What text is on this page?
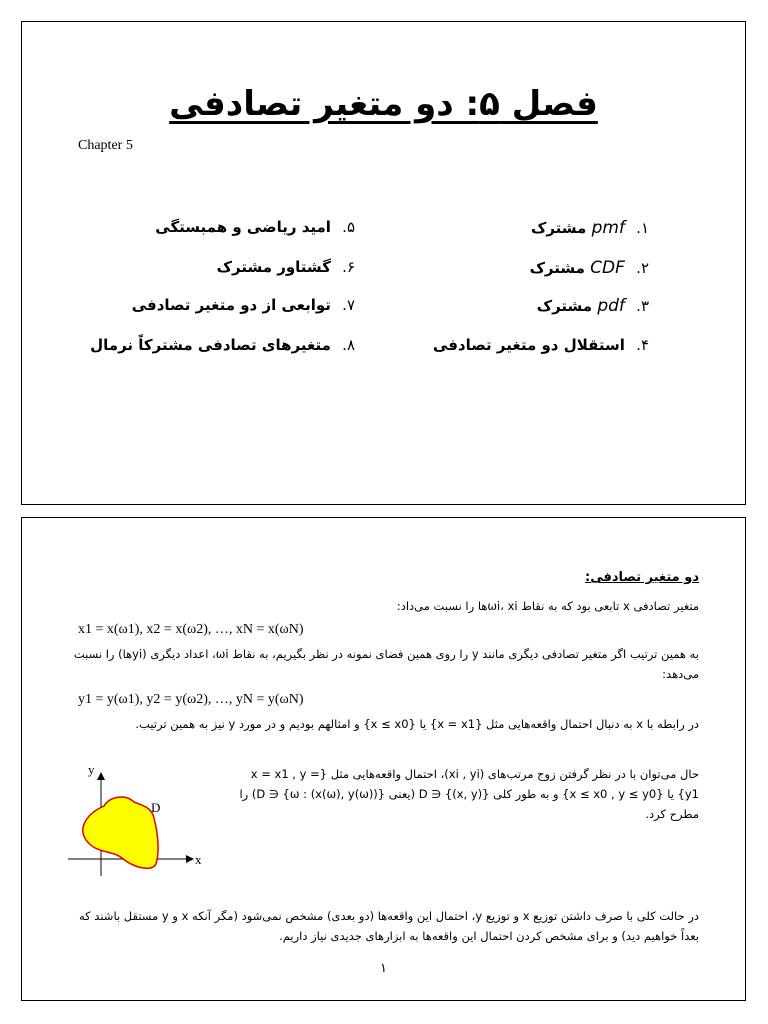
فصل ۵: دو متغیر تصادفی
Chapter 5
۱. pmf مشترک
۲. CDF مشترک
۳. pdf مشترک
۴. استقلال دو متغیر تصادفی
۵. امید ریاضی و همبستگی
۶. گشتاور مشترک
۷. توابعی از دو متغیر تصادفی
۸. متغیرهای تصادفی مشترکاً نرمال
دو متغیر تصادفی:
متغیر تصادفی x تابعی بود که به نقاط ωi، xiها را نسبت می‌داد:
x1 = x(ω1), x2 = x(ω2), …, xN = x(ωN)
به همین ترتیب اگر متغیر تصادفی دیگری مانند y را روی همین فضای نمونه در نظر بگیریم، به نقاط ωi، اعداد دیگری (yiها) را نسبت می‌دهد:
y1 = y(ω1), y2 = y(ω2), …, yN = y(ωN)
در رابطه با x به دنبال احتمال واقعه‌هایی مثل {x = x1} یا {x ≤ x0} و امثالهم بودیم و در مورد y نیز به همین ترتیب.
حال می‌توان با در نظر گرفتن زوج مرتب‌های (xi , yi)، احتمال واقعه‌هایی مثل {x = x1 , y = y1} یا {x ≤ x0 , y ≤ y0} و به طور کلی {(x, y)} ∈ D (یعنی {ω : (x(ω), y(ω))} ∈ D) را مطرح کرد.
x
y
D
در حالت کلی با صرف داشتن توزیع x و توزیع y، احتمال این واقعه‌ها (دو بعدی) مشخص نمی‌شود (مگر آنکه x و y مستقل باشند که بعداً خواهیم دید) و برای مشخص کردن احتمال این واقعه‌ها به ابزارهای جدیدی نیاز داریم.
۱
